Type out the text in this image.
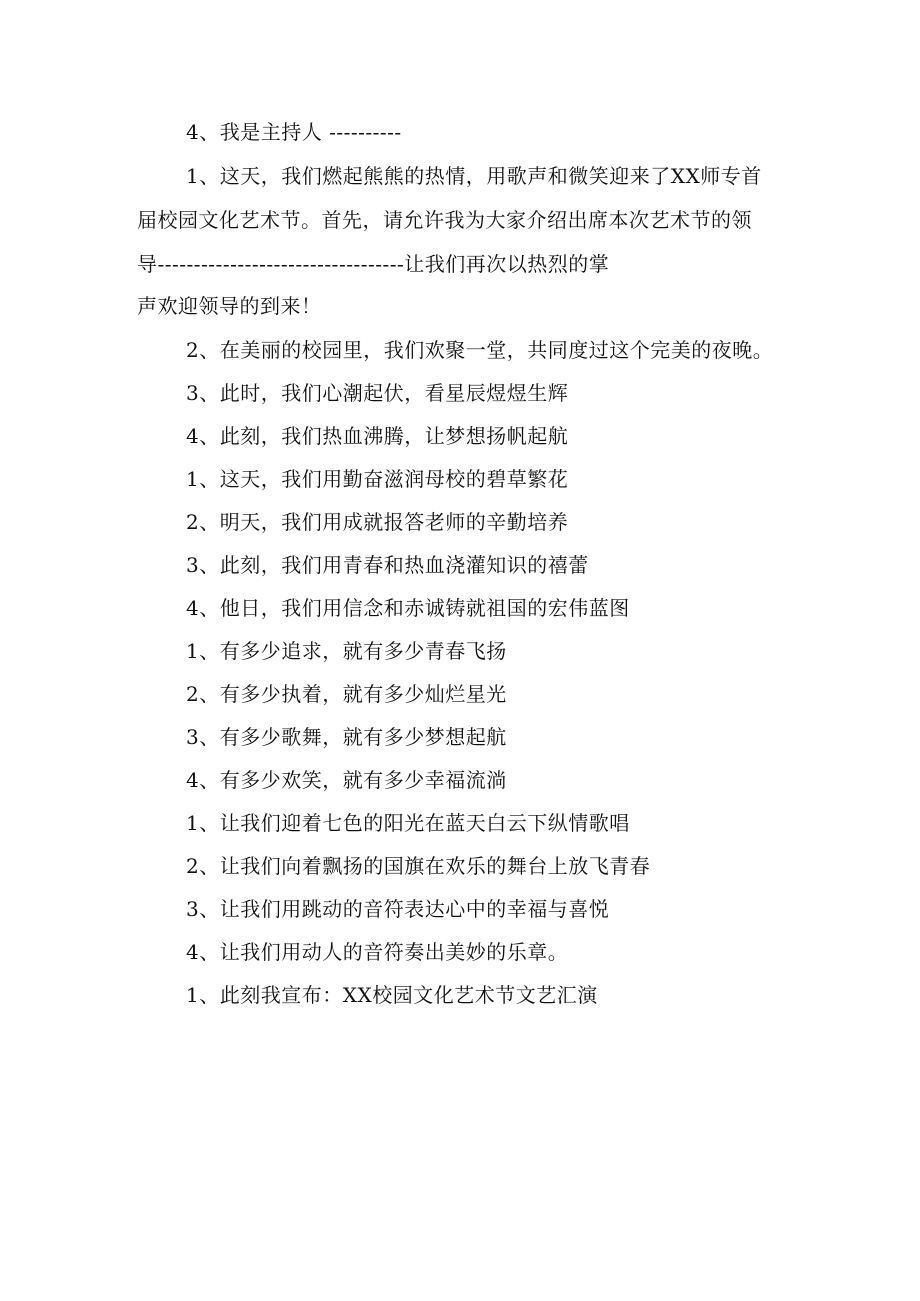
4、我是主持人 ----------
1、这天，我们燃起熊熊的热情，用歌声和微笑迎来了XX师专首
届校园文化艺术节。首先，请允许我为大家介绍出席本次艺术节的领
导----------------------------------让我们再次以热烈的掌
声欢迎领导的到来！
2、在美丽的校园里，我们欢聚一堂，共同度过这个完美的夜晚。
3、此时，我们心潮起伏，看星辰煜煜生辉
4、此刻，我们热血沸腾，让梦想扬帆起航
1、这天，我们用勤奋滋润母校的碧草繁花
2、明天，我们用成就报答老师的辛勤培养
3、此刻，我们用青春和热血浇灌知识的禧蕾
4、他日，我们用信念和赤诚铸就祖国的宏伟蓝图
1、有多少追求，就有多少青春飞扬
2、有多少执着，就有多少灿烂星光
3、有多少歌舞，就有多少梦想起航
4、有多少欢笑，就有多少幸福流淌
1、让我们迎着七色的阳光在蓝天白云下纵情歌唱
2、让我们向着飘扬的国旗在欢乐的舞台上放飞青春
3、让我们用跳动的音符表达心中的幸福与喜悦
4、让我们用动人的音符奏出美妙的乐章。
1、此刻我宣布：XX校园文化艺术节文艺汇演
